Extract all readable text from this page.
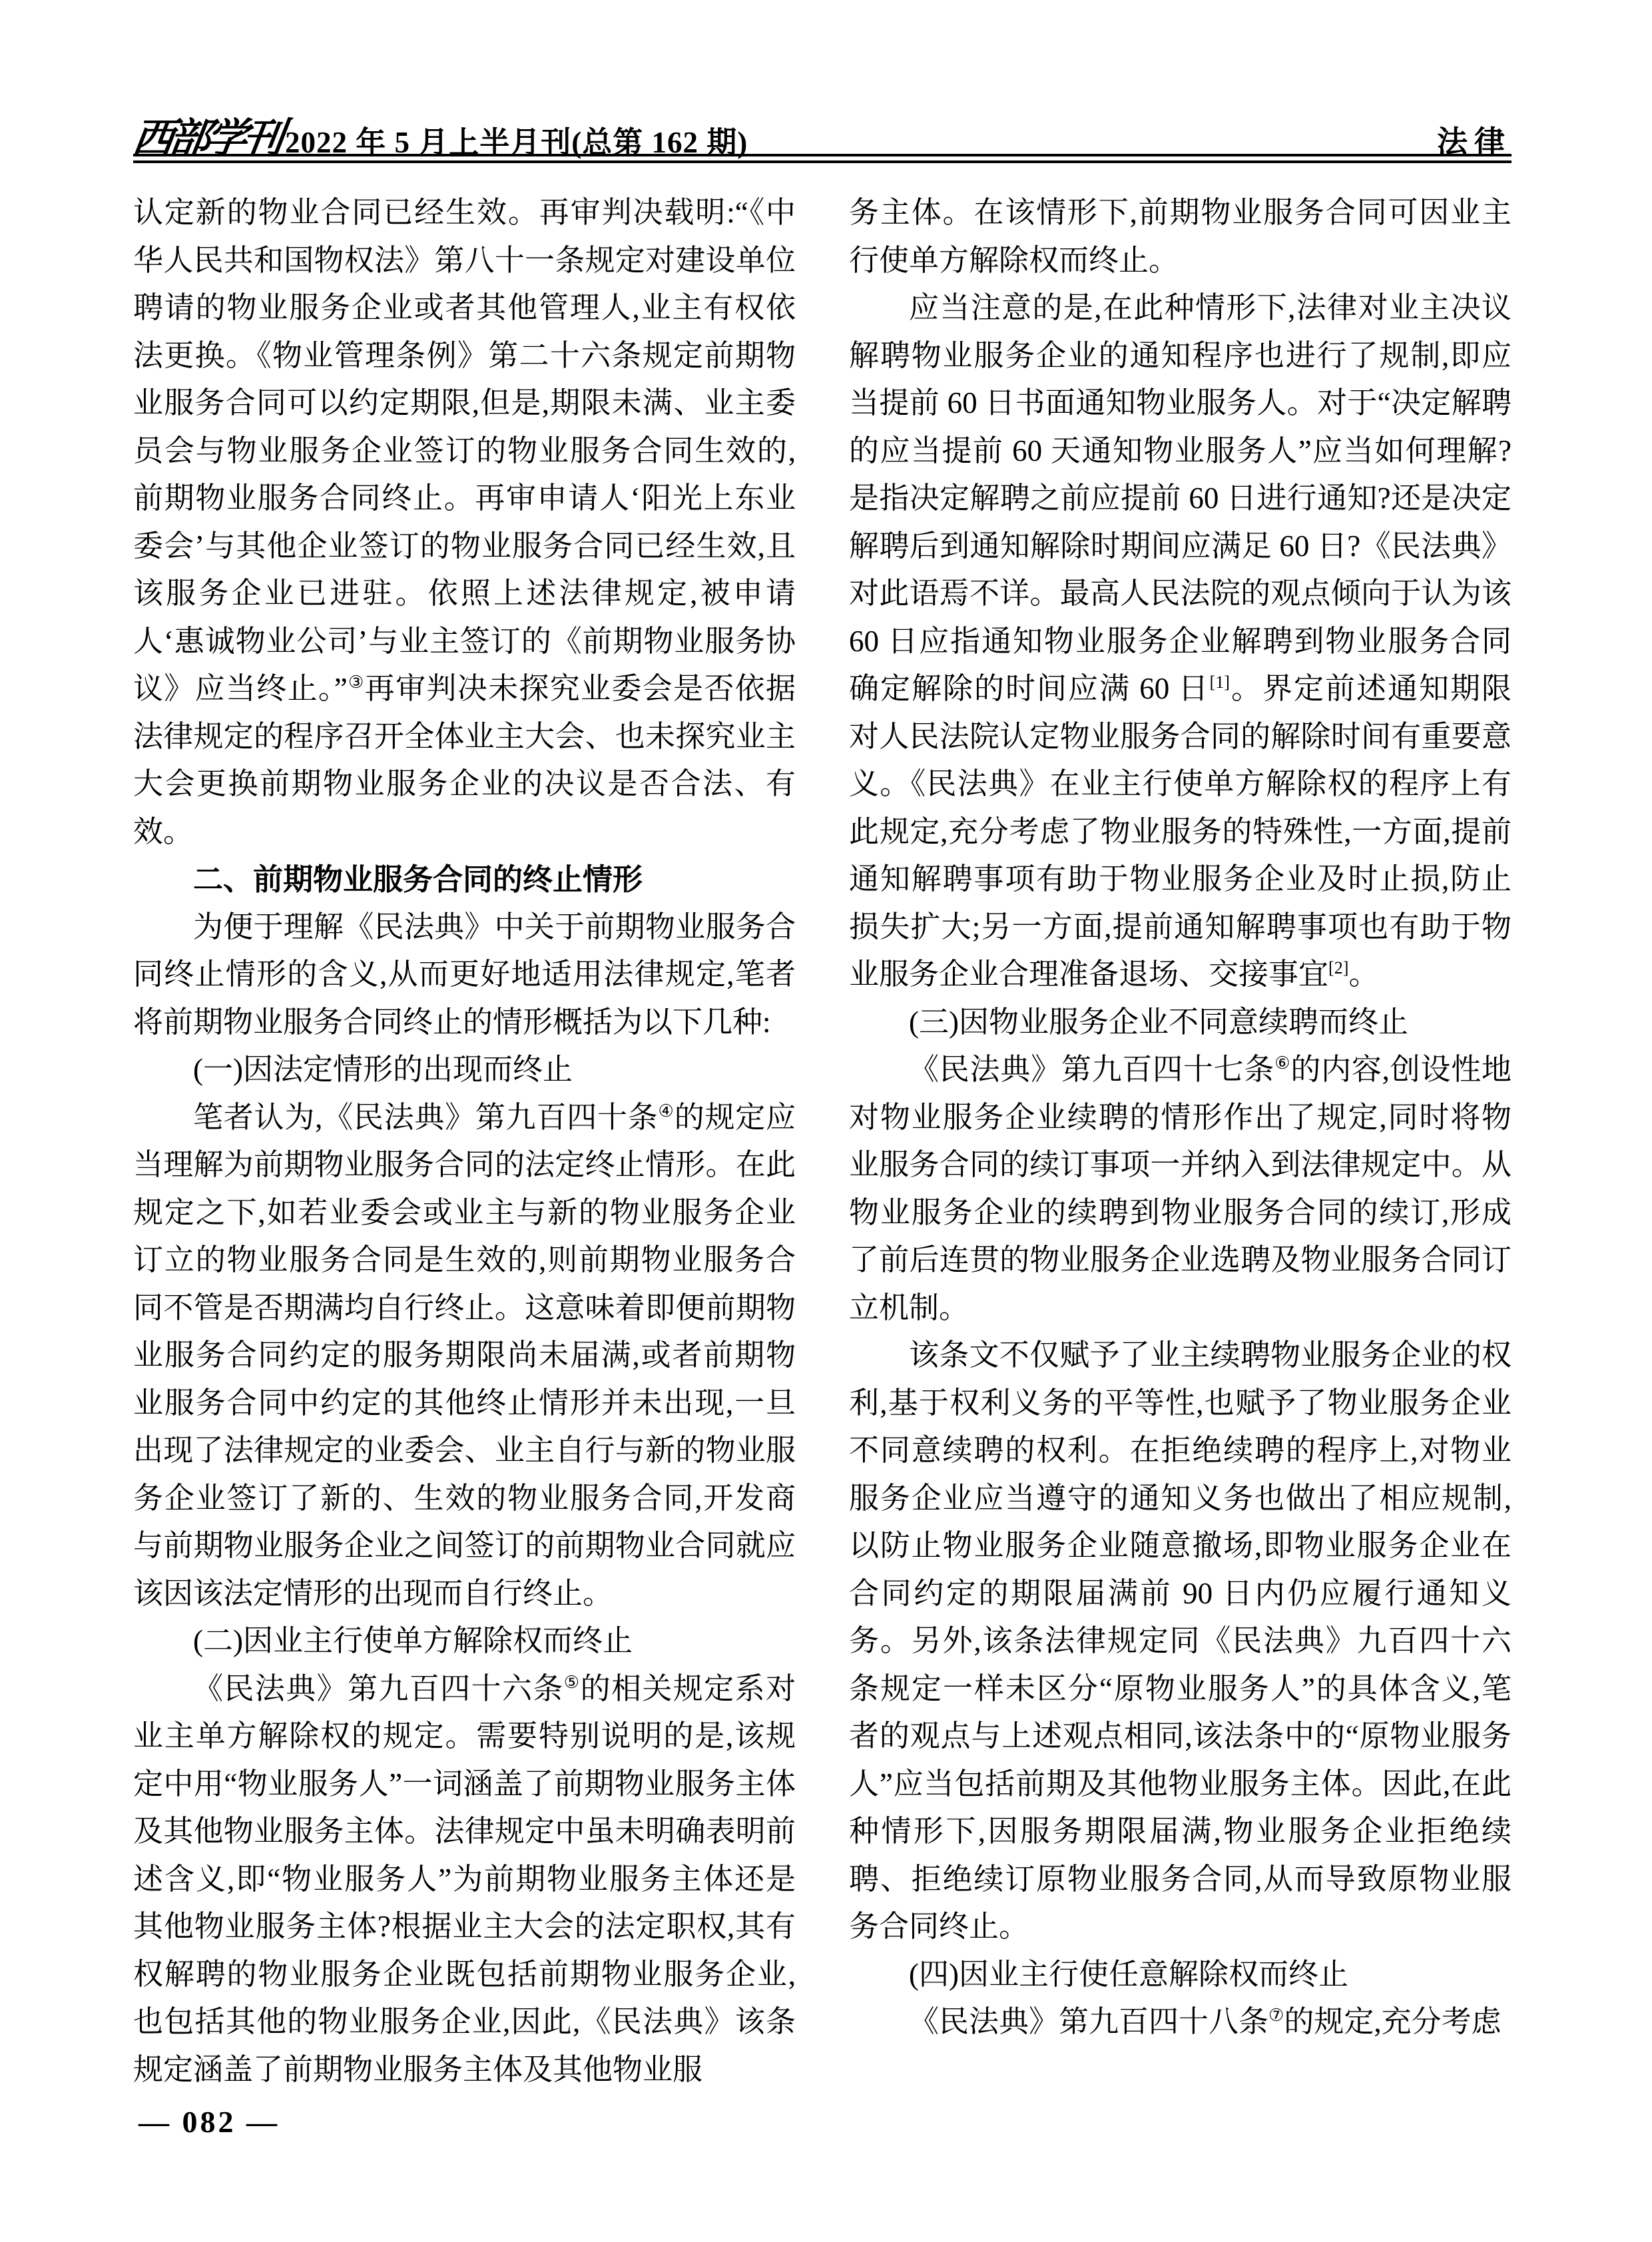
西部学刊 2022 年 5 月上半月刊(总第 162 期)	法律

认定新的物业合同已经生效。再审判决载明:“《中华人民共和国物权法》第八十一条规定对建设单位聘请的物业服务企业或者其他管理人,业主有权依法更换。《物业管理条例》第二十六条规定前期物业服务合同可以约定期限,但是,期限未满、业主委员会与物业服务企业签订的物业服务合同生效的,前期物业服务合同终止。再审申请人‘阳光上东业委会’与其他企业签订的物业服务合同已经生效,且该服务企业已进驻。依照上述法律规定,被申请人‘惠诚物业公司’与业主签订的《前期物业服务协议》应当终止。”③再审判决未探究业委会是否依据法律规定的程序召开全体业主大会、也未探究业主大会更换前期物业服务企业的决议是否合法、有效。

二、前期物业服务合同的终止情形

为便于理解《民法典》中关于前期物业服务合同终止情形的含义,从而更好地适用法律规定,笔者将前期物业服务合同终止的情形概括为以下几种:

(一)因法定情形的出现而终止

笔者认为,《民法典》第九百四十条④的规定应当理解为前期物业服务合同的法定终止情形。在此规定之下,如若业委会或业主与新的物业服务企业订立的物业服务合同是生效的,则前期物业服务合同不管是否期满均自行终止。这意味着即便前期物业服务合同约定的服务期限尚未届满,或者前期物业服务合同中约定的其他终止情形并未出现,一旦出现了法律规定的业委会、业主自行与新的物业服务企业签订了新的、生效的物业服务合同,开发商与前期物业服务企业之间签订的前期物业合同就应该因该法定情形的出现而自行终止。

(二)因业主行使单方解除权而终止

《民法典》第九百四十六条⑤的相关规定系对业主单方解除权的规定。需要特别说明的是,该规定中用“物业服务人”一词涵盖了前期物业服务主体及其他物业服务主体。法律规定中虽未明确表明前述含义,即“物业服务人”为前期物业服务主体还是其他物业服务主体?根据业主大会的法定职权,其有权解聘的物业服务企业既包括前期物业服务企业,也包括其他的物业服务企业,因此,《民法典》该条规定涵盖了前期物业服务主体及其他物业服

务主体。在该情形下,前期物业服务合同可因业主行使单方解除权而终止。

应当注意的是,在此种情形下,法律对业主决议解聘物业服务企业的通知程序也进行了规制,即应当提前 60 日书面通知物业服务人。对于“决定解聘的应当提前 60 天通知物业服务人”应当如何理解?是指决定解聘之前应提前 60 日进行通知?还是决定解聘后到通知解除时期间应满足 60 日?《民法典》对此语焉不详。最高人民法院的观点倾向于认为该 60 日应指通知物业服务企业解聘到物业服务合同确定解除的时间应满 60 日[1]。界定前述通知期限对人民法院认定物业服务合同的解除时间有重要意义。《民法典》在业主行使单方解除权的程序上有此规定,充分考虑了物业服务的特殊性,一方面,提前通知解聘事项有助于物业服务企业及时止损,防止损失扩大;另一方面,提前通知解聘事项也有助于物业服务企业合理准备退场、交接事宜[2]。

(三)因物业服务企业不同意续聘而终止

《民法典》第九百四十七条⑥的内容,创设性地对物业服务企业续聘的情形作出了规定,同时将物业服务合同的续订事项一并纳入到法律规定中。从物业服务企业的续聘到物业服务合同的续订,形成了前后连贯的物业服务企业选聘及物业服务合同订立机制。

该条文不仅赋予了业主续聘物业服务企业的权利,基于权利义务的平等性,也赋予了物业服务企业不同意续聘的权利。在拒绝续聘的程序上,对物业服务企业应当遵守的通知义务也做出了相应规制,以防止物业服务企业随意撤场,即物业服务企业在合同约定的期限届满前 90 日内仍应履行通知义务。另外,该条法律规定同《民法典》九百四十六条规定一样未区分“原物业服务人”的具体含义,笔者的观点与上述观点相同,该法条中的“原物业服务人”应当包括前期及其他物业服务主体。因此,在此种情形下,因服务期限届满,物业服务企业拒绝续聘、拒绝续订原物业服务合同,从而导致原物业服务合同终止。

(四)因业主行使任意解除权而终止

《民法典》第九百四十八条⑦的规定,充分考虑

— 082 —
